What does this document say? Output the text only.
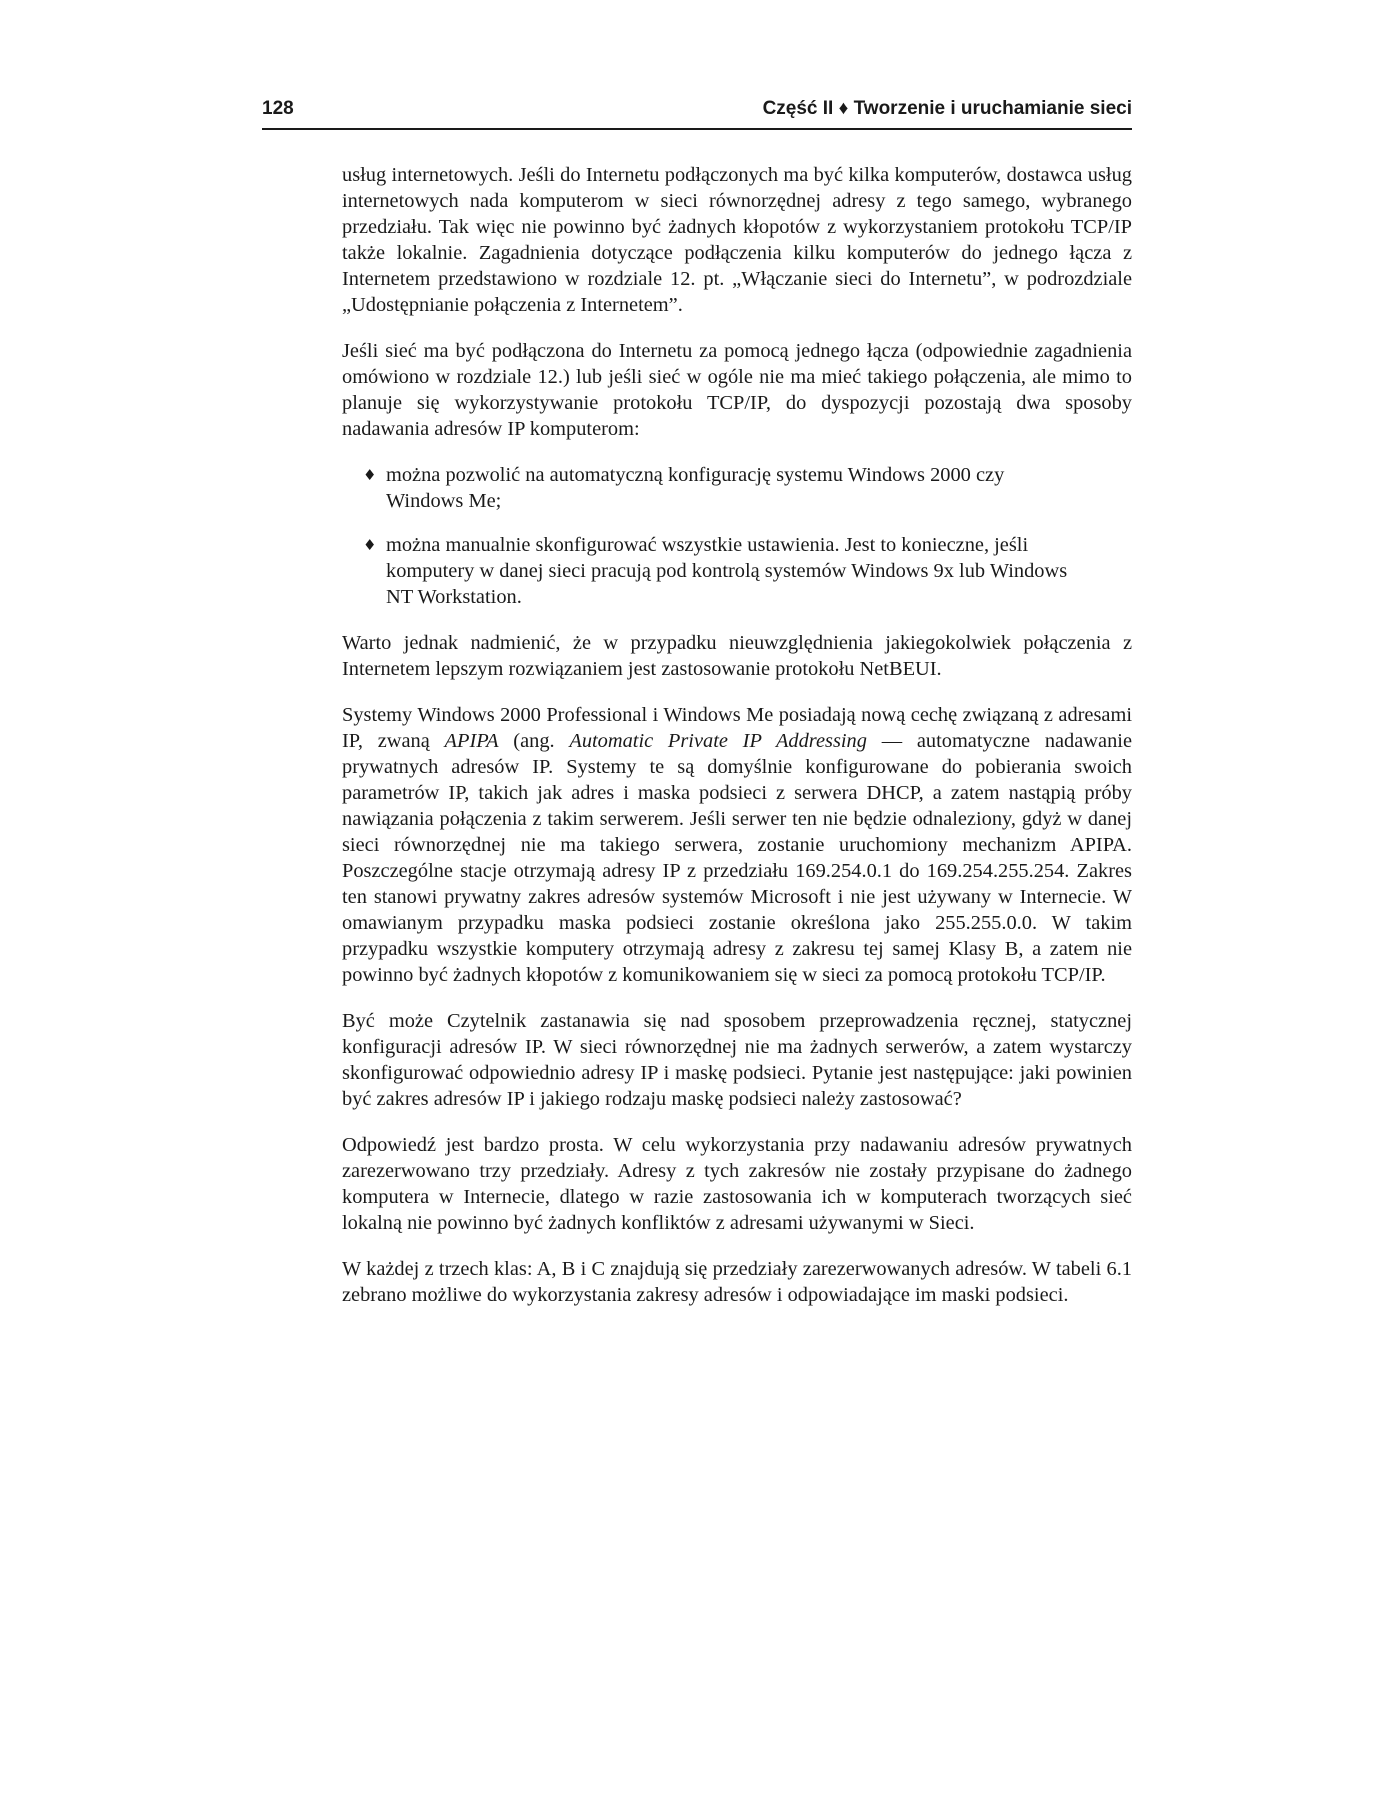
128	Część II ♦ Tworzenie i uruchamianie sieci

usług internetowych. Jeśli do Internetu podłączonych ma być kilka komputerów, dostawca usług internetowych nada komputerom w sieci równorzędnej adresy z tego samego, wybranego przedziału. Tak więc nie powinno być żadnych kłopotów z wykorzystaniem protokołu TCP/IP także lokalnie. Zagadnienia dotyczące podłączenia kilku komputerów do jednego łącza z Internetem przedstawiono w rozdziale 12. pt. „Włączanie sieci do Internetu”, w podrozdziale „Udostępnianie połączenia z Internetem”.

Jeśli sieć ma być podłączona do Internetu za pomocą jednego łącza (odpowiednie zagadnienia omówiono w rozdziale 12.) lub jeśli sieć w ogóle nie ma mieć takiego połączenia, ale mimo to planuje się wykorzystywanie protokołu TCP/IP, do dyspozycji pozostają dwa sposoby nadawania adresów IP komputerom:

♦ można pozwolić na automatyczną konfigurację systemu Windows 2000 czy Windows Me;
♦ można manualnie skonfigurować wszystkie ustawienia. Jest to konieczne, jeśli komputery w danej sieci pracują pod kontrolą systemów Windows 9x lub Windows NT Workstation.

Warto jednak nadmienić, że w przypadku nieuwzględnienia jakiegokolwiek połączenia z Internetem lepszym rozwiązaniem jest zastosowanie protokołu NetBEUI.

Systemy Windows 2000 Professional i Windows Me posiadają nową cechę związaną z adresami IP, zwaną APIPA (ang. Automatic Private IP Addressing — automatyczne nadawanie prywatnych adresów IP. Systemy te są domyślnie konfigurowane do pobierania swoich parametrów IP, takich jak adres i maska podsieci z serwera DHCP, a zatem nastąpią próby nawiązania połączenia z takim serwerem. Jeśli serwer ten nie będzie odnaleziony, gdyż w danej sieci równorzędnej nie ma takiego serwera, zostanie uruchomiony mechanizm APIPA. Poszczególne stacje otrzymają adresy IP z przedziału 169.254.0.1 do 169.254.255.254. Zakres ten stanowi prywatny zakres adresów systemów Microsoft i nie jest używany w Internecie. W omawianym przypadku maska podsieci zostanie określona jako 255.255.0.0. W takim przypadku wszystkie komputery otrzymają adresy z zakresu tej samej Klasy B, a zatem nie powinno być żadnych kłopotów z komunikowaniem się w sieci za pomocą protokołu TCP/IP.

Być może Czytelnik zastanawia się nad sposobem przeprowadzenia ręcznej, statycznej konfiguracji adresów IP. W sieci równorzędnej nie ma żadnych serwerów, a zatem wystarczy skonfigurować odpowiednio adresy IP i maskę podsieci. Pytanie jest następujące: jaki powinien być zakres adresów IP i jakiego rodzaju maskę podsieci należy zastosować?

Odpowiedź jest bardzo prosta. W celu wykorzystania przy nadawaniu adresów prywatnych zarezerwowano trzy przedziały. Adresy z tych zakresów nie zostały przypisane do żadnego komputera w Internecie, dlatego w razie zastosowania ich w komputerach tworzących sieć lokalną nie powinno być żadnych konfliktów z adresami używanymi w Sieci.

W każdej z trzech klas: A, B i C znajdują się przedziały zarezerwowanych adresów. W tabeli 6.1 zebrano możliwe do wykorzystania zakresy adresów i odpowiadające im maski podsieci.
